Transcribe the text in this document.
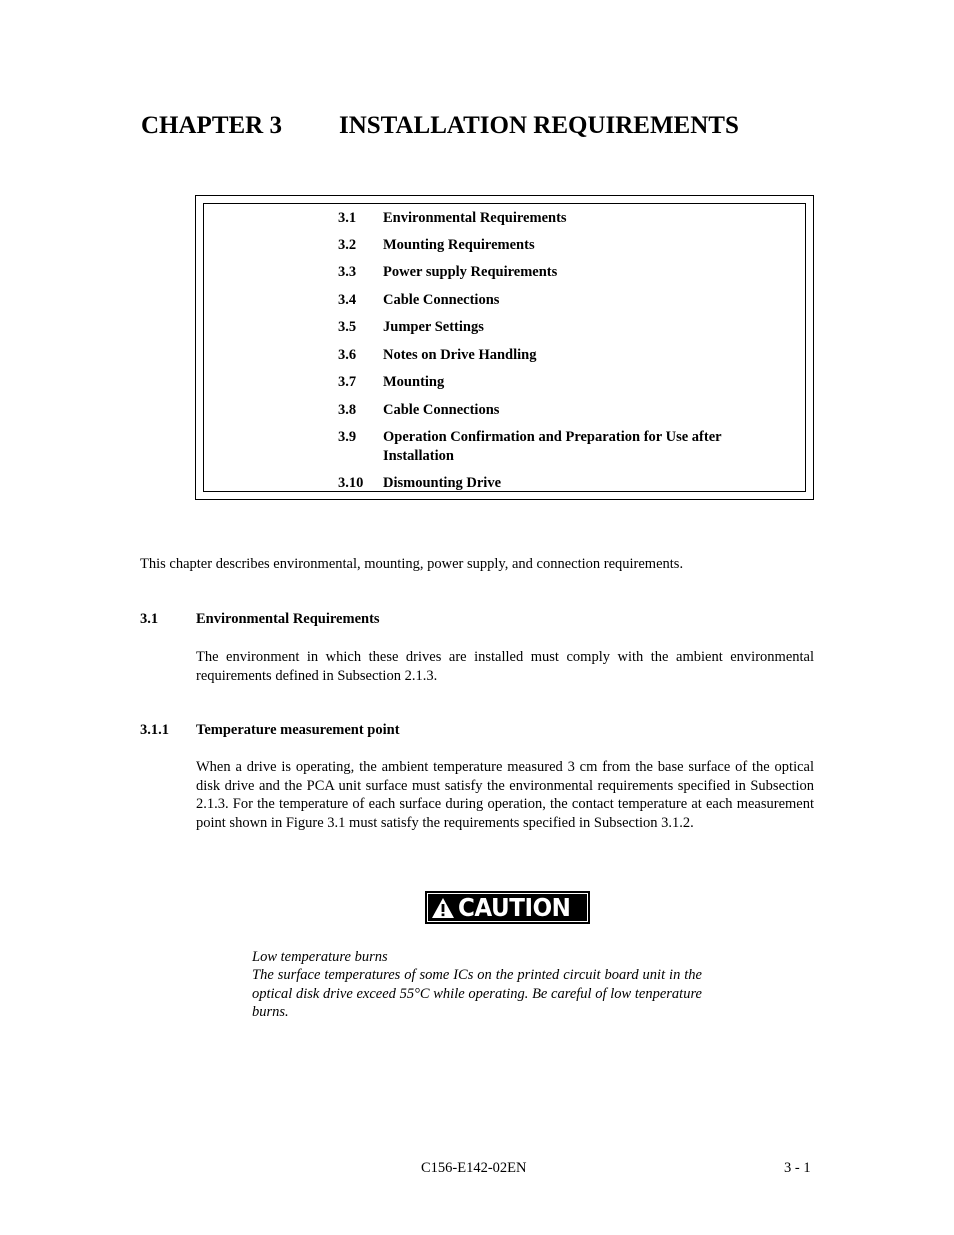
CHAPTER 3 INSTALLATION REQUIREMENTS
3.1	Environmental Requirements
3.2	Mounting Requirements
3.3	Power supply Requirements
3.4	Cable Connections
3.5	Jumper Settings
3.6	Notes on Drive Handling
3.7	Mounting
3.8	Cable Connections
3.9	Operation Confirmation and Preparation for Use after
Installation
3.10	Dismounting Drive
This chapter describes environmental, mounting, power supply, and connection requirements.
3.1	Environmental Requirements
The environment in which these drives are installed must comply with the ambient environmental requirements defined in Subsection 2.1.3.
3.1.1 Temperature measurement point
When a drive is operating, the ambient temperature measured 3 cm from the base surface of the optical disk drive and the PCA unit surface must satisfy the environmental requirements specified in Subsection 2.1.3. For the temperature of each surface during operation, the contact temperature at each measurement point shown in Figure 3.1 must satisfy the requirements specified in Subsection 3.1.2.
CAUTION
Low temperature burns
The surface temperatures of some ICs on the printed circuit board unit in the optical disk drive exceed 55°C while operating. Be careful of low tenperature burns.
C156-E142-02EN	3 - 1
